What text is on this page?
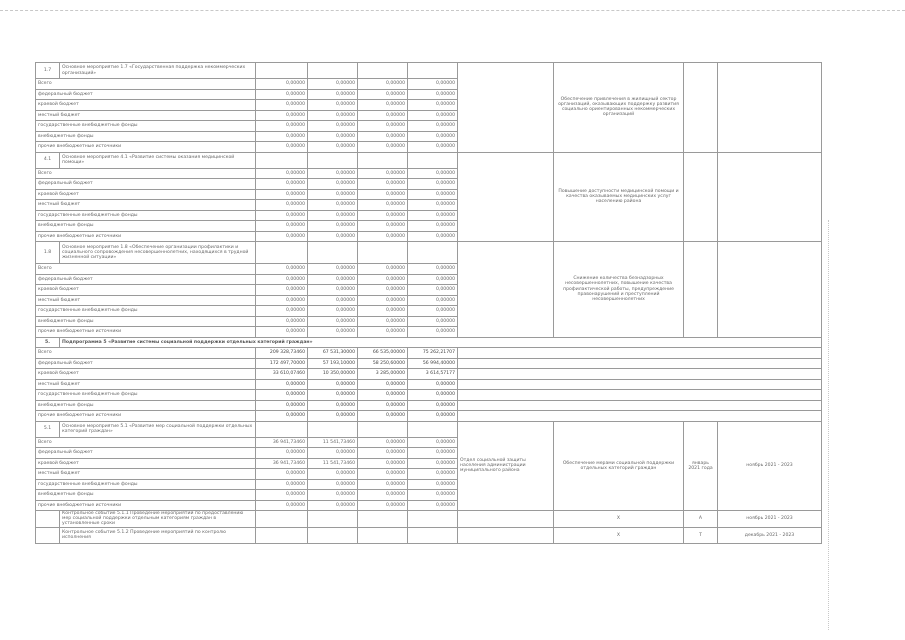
1.7	Основное мероприятие 1.7 «Государственная поддержка некоммерческих организаций»						Обеспечение привлечения в жилищный сектор организаций, оказывающих поддержку развития социально ориентированных некоммерческих организаций		
Всего		0,00000	0,00000	0,00000	0,00000				
федеральный бюджет		0,00000	0,00000	0,00000	0,00000				
краевой бюджет		0,00000	0,00000	0,00000	0,00000				
местный бюджет		0,00000	0,00000	0,00000	0,00000				
государственные внебюджетные фонды		0,00000	0,00000	0,00000	0,00000				
внебюджетные фонды		0,00000	0,00000	0,00000	0,00000				
прочие внебюджетные источники		0,00000	0,00000	0,00000	0,00000				
4.1	Основное мероприятие 4.1 «Развитие системы оказания медицинской помощи»						Повышение доступности медицинской помощи и качества оказываемых медицинских услуг населению района		
Всего		0,00000	0,00000	0,00000	0,00000				
федеральный бюджет		0,00000	0,00000	0,00000	0,00000				
краевой бюджет		0,00000	0,00000	0,00000	0,00000				
местный бюджет		0,00000	0,00000	0,00000	0,00000				
государственные внебюджетные фонды		0,00000	0,00000	0,00000	0,00000				
внебюджетные фонды		0,00000	0,00000	0,00000	0,00000				
прочие внебюджетные источники		0,00000	0,00000	0,00000	0,00000				
1.8	Основное мероприятие 1.8 «Обеспечение организации профилактики и социального сопровождения несовершеннолетних, находящихся в трудной жизненной ситуации»						Снижение количества безнадзорных несовершеннолетних, повышение качества профилактической работы, предупреждение правонарушений и преступлений несовершеннолетних		
Всего		0,00000	0,00000	0,00000	0,00000				
федеральный бюджет		0,00000	0,00000	0,00000	0,00000				
краевой бюджет		0,00000	0,00000	0,00000	0,00000				
местный бюджет		0,00000	0,00000	0,00000	0,00000				
государственные внебюджетные фонды		0,00000	0,00000	0,00000	0,00000				
внебюджетные фонды		0,00000	0,00000	0,00000	0,00000				
прочие внебюджетные источники		0,00000	0,00000	0,00000	0,00000				
5.	Подпрограмма 5 «Развитие системы социальной поддержки отдельных категорий граждан»								
Всего		209 328,73460	67 531,30000	66 535,00000	75 262,21707				
федеральный бюджет		172 497,70000	57 193,10000	58 250,60000	56 994,40000				
краевой бюджет		33 610,07460	10 350,00000	3 285,00000	3 614,57177				
местный бюджет		0,00000	0,00000	0,00000	0,00000				
государственные внебюджетные фонды		0,00000	0,00000	0,00000	0,00000				
внебюджетные фонды		0,00000	0,00000	0,00000	0,00000				
прочие внебюджетные источники		0,00000	0,00000	0,00000	0,00000				
5.1	Основное мероприятие 5.1 «Развитие мер социальной поддержки отдельных категорий граждан»					Отдел социальной защиты населения администрации муниципального района	Обеспечение мерами социальной поддержки отдельных категорий граждан	январь 2021 года	ноябрь 2021 - 2023
Всего		36 941,73460	11 541,73460	0,00000	0,00000				
федеральный бюджет		0,00000	0,00000	0,00000	0,00000				
краевой бюджет		36 941,73460	11 541,73460	0,00000	0,00000				
местный бюджет		0,00000	0,00000	0,00000	0,00000				
государственные внебюджетные фонды		0,00000	0,00000	0,00000	0,00000				
внебюджетные фонды		0,00000	0,00000	0,00000	0,00000				
прочие внебюджетные источники		0,00000	0,00000	0,00000	0,00000				
	Контрольное событие 5.1.1 Проведение мероприятий по предоставлению мер социальной поддержки отдельным категориям граждан в установленные сроки						X	А	ноябрь 2021 - 2023
	Контрольное событие 5.1.2 Проведение мероприятий по контролю исполнения						X	Т	декабрь 2021 - 2023
